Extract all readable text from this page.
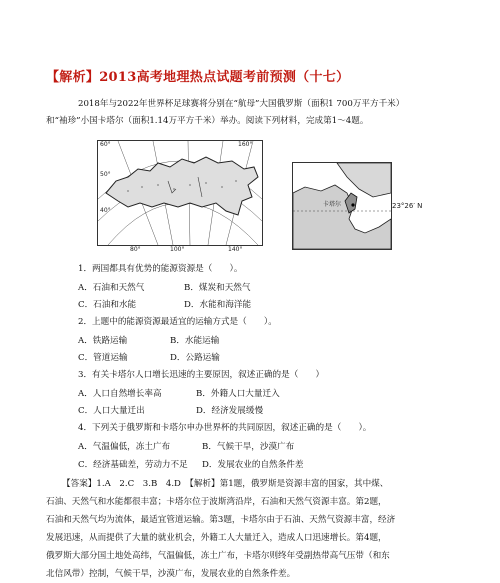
【解析】2013高考地理热点试题考前预测（十七）
2018年与2022年世界杯足球赛将分别在“航母”大国俄罗斯（面积1 700万平方千米）
和“袖珍”小国卡塔尔（面积1.14万平方千米）举办。阅读下列材料，完成第1～4题。
60°	160°
50°
40°
80°	100°	140°
卡塔尔	23°26′ N
1．两国都具有优势的能源资源是（　　）。
A．石油和天然气	B．煤炭和天然气
C．石油和水能	D．水能和海洋能
2．上题中的能源资源最适宜的运输方式是（　　）。
A．铁路运输	B．水能运输
C．管道运输	D．公路运输
3．有关卡塔尔人口增长迅速的主要原因，叙述正确的是（　　）
A．人口自然增长率高	B．外籍人口大量迁入
C．人口大量迁出	D．经济发展缓慢
4．下列关于俄罗斯和卡塔尔申办世界杯的共同原因，叙述正确的是（　　）。
A．气温偏低，冻土广布	B．气候干旱，沙漠广布
C．经济基础差，劳动力不足 D．发展农业的自然条件差
【答案】1.A　2.C　3.B　4.D　【解析】第1题，俄罗斯是资源丰富的国家，其中煤、
石油、天然气和水能都很丰富；卡塔尔位于波斯湾沿岸，石油和天然气资源丰富。第2题，
石油和天然气均为流体，最适宜管道运输。第3题，卡塔尔由于石油、天然气资源丰富，经济
发展迅速，从而提供了大量的就业机会，外籍工人大量迁入，造成人口迅速增长。第4题，
俄罗斯大部分国土地处高纬，气温偏低，冻土广布，卡塔尔则终年受副热带高气压带（和东
北信风带）控制，气候干旱，沙漠广布，发展农业的自然条件差。
